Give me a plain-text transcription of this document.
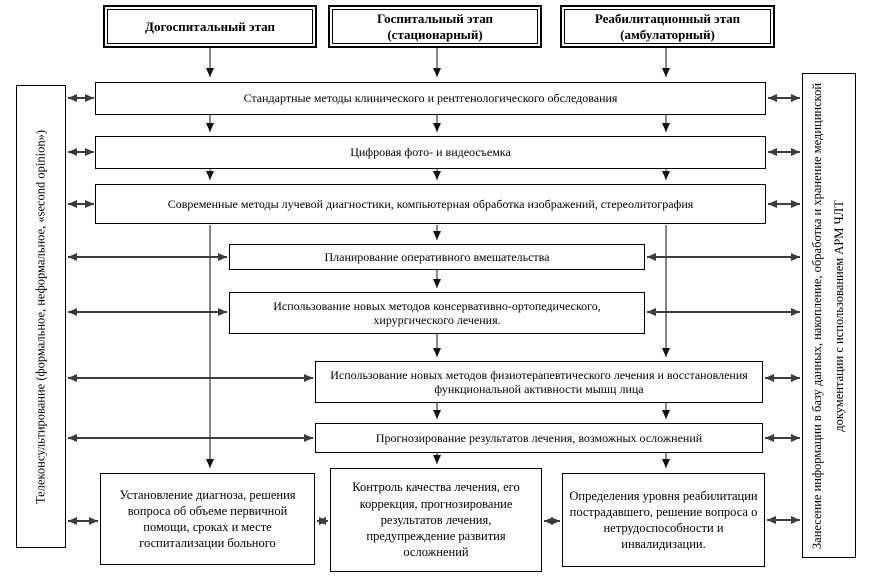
Догоспитальный этап
Госпитальный этап (стационарный)
Реабилитационный этап (амбулаторный)
Стандартные методы клинического и рентгенологического обследования
Цифровая фото- и видеосъемка
Современные методы лучевой диагностики, компьютерная обработка изображений, стереолитография
Планирование оперативного вмешательства
Использование новых методов консервативно-ортопедического, хирургического лечения.
Использование новых методов физиотерапевтического лечения и восстановления функциональной активности мышц лица
Прогнозирование результатов лечения, возможных осложнений
Установление диагноза, решения вопроса об объеме первичной помощи, сроках и месте госпитализации больного
Контроль качества лечения, его коррекция, прогнозирование результатов лечения, предупреждение развития осложнений
Определения уровня реабилитации пострадавшего, решение вопроса о нетрудоспособности и инвалидизации.
Телеконсультирование (формальное, неформальное, «second opinion»)	Занесение информации в базу данных, накопление, обработка и хранение медицинской документации с использованием АРМ ЧЛТ
